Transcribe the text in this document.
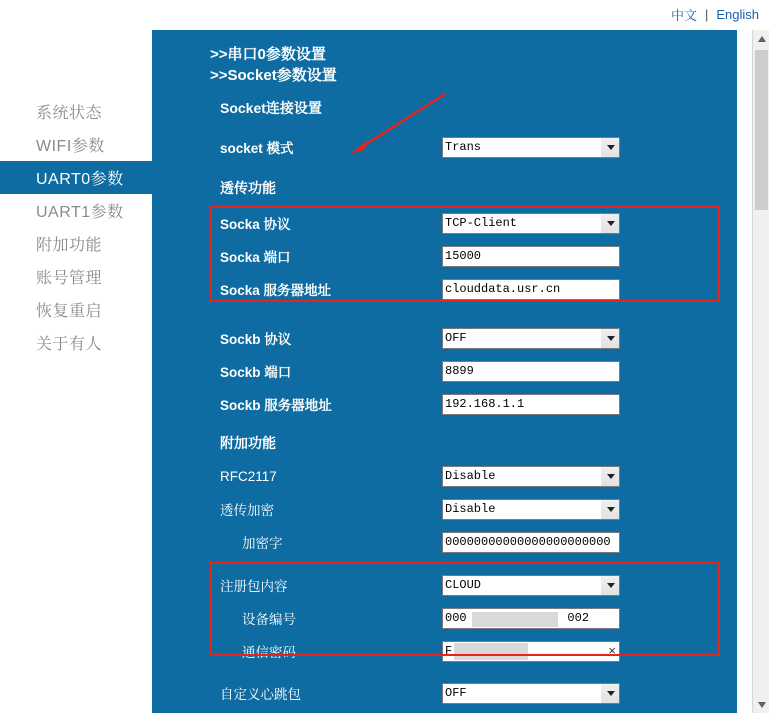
中文 | English
系统状态
WIFI参数
UART0参数
UART1参数
附加功能
账号管理
恢复重启
关于有人
>>串口0参数设置
>>Socket参数设置
Socket连接设置
socket 模式
Trans
透传功能
Socka 协议
TCP-Client
Socka 端口
15000
Socka 服务器地址
clouddata.usr.cn
Sockb 协议
OFF
Sockb 端口
8899
Sockb 服务器地址
192.168.1.1
附加功能
RFC2117
Disable
透传加密
Disable
加密字
00000000000000000000000
注册包内容
CLOUD
设备编号
000 002
通信密码
F	×
自定义心跳包
OFF
